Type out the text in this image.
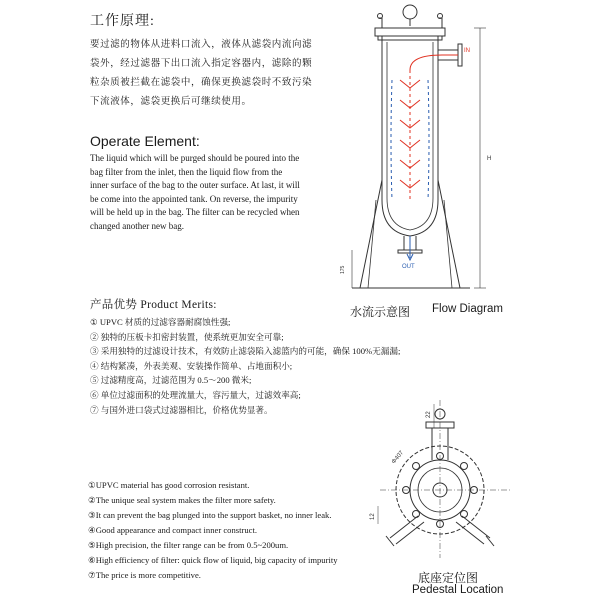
工作原理:
要过滤的物体从进料口流入，液体从滤袋内流向滤
袋外，经过滤器下出口流入指定容器内，滤除的颗
粒杂质被拦截在滤袋中，确保更换滤袋时不致污染
下流液体，滤袋更换后可继续使用。
Operate Element:
The liquid which will be purged should be poured into the
bag filter from the inlet, then the liquid flow from the
inner surface of the bag to the outer surface. At last, it will
be come into the appointed tank. On reverse, the impurity
will be held up in the bag. The filter can be recycled when
changed another new bag.
产品优势 Product Merits:
① UPVC 材质的过滤容器耐腐蚀性强;
② 独特的压板卡扣密封装置，使系统更加安全可靠;
③ 采用独特的过滤设计技术，有效防止滤袋陷入滤篮内的可能，确保 100%无漏漏;
④ 结构紧凑，外表美观、安装操作简单、占地面积小;
⑤ 过滤精度高，过滤范围为 0.5～200 微米;
⑥ 单位过滤面积的处理流量大，容污量大，过滤效率高;
⑦ 与国外进口袋式过滤器相比，价格优势显著。
①UPVC material has good corrosion resistant.
②The unique seal system makes the filter more safety.
③It can prevent the bag plunged into the support basket, no inner leak.
④Good appearance and compact inner construct.
⑤High precision, the filter range can be from 0.5~200um.
⑥High efficiency of filter: quick flow of liquid, big capacity of impurity
⑦The price is more competitive.
IN
OUT
H
175
水流示意图 Flow Diagram
22
Φ407
12
底座定位图
Pedestal Location
